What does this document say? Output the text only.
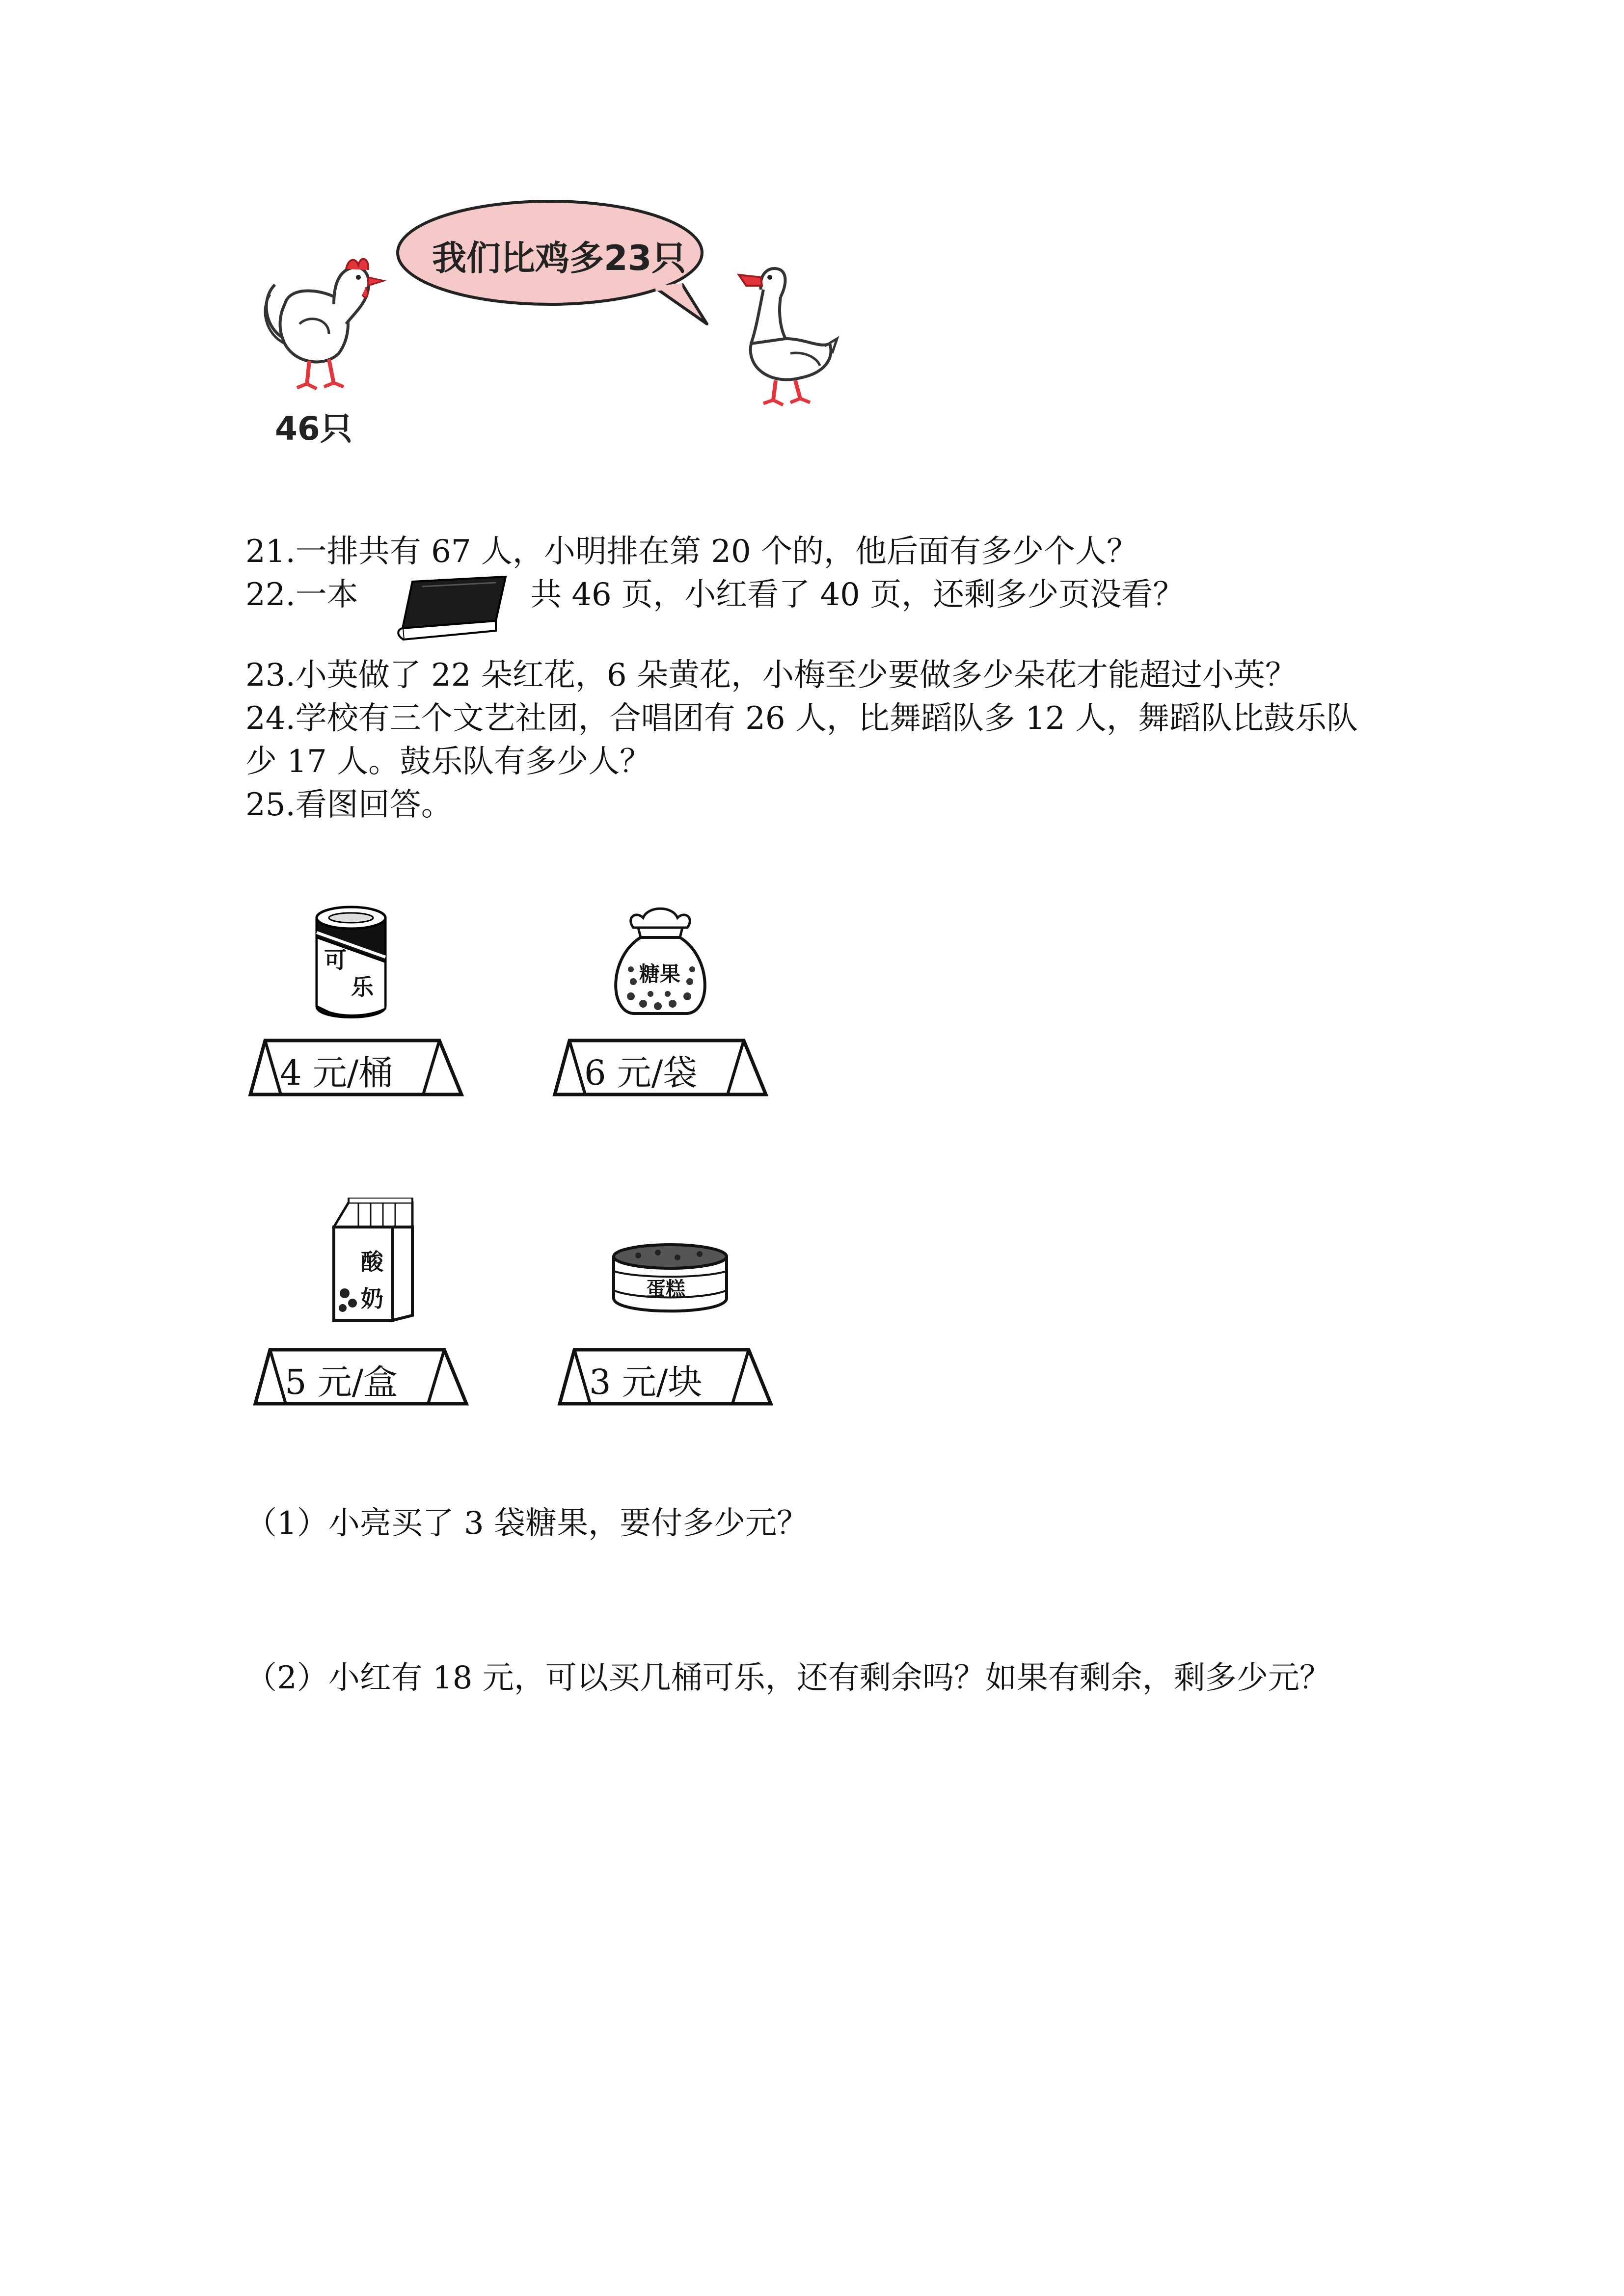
我们比鸡多23只
46只
21.一排共有 67 人，小明排在第 20 个的，他后面有多少个人？
22.一本	共 46 页，小红看了 40 页，还剩多少页没看？
23.小英做了 22 朵红花，6 朵黄花，小梅至少要做多少朵花才能超过小英？
24.学校有三个文艺社团，合唱团有 26 人，比舞蹈队多 12 人，舞蹈队比鼓乐队
少 17 人。鼓乐队有多少人？
25.看图回答。
可
乐
4 元/桶
糖果
6 元/袋
酸
奶
5 元/盒
蛋糕
3 元/块
（1）小亮买了 3 袋糖果，要付多少元？
（2）小红有 18 元，可以买几桶可乐，还有剩余吗？如果有剩余，剩多少元？
